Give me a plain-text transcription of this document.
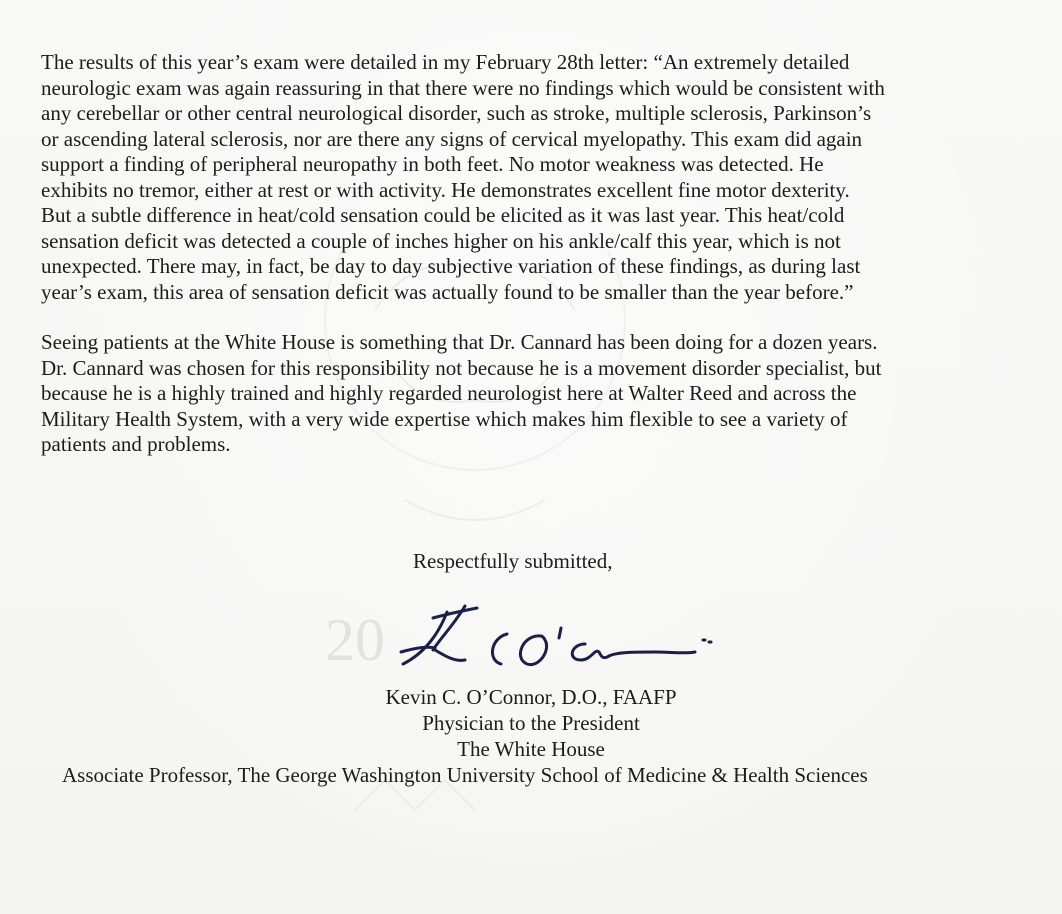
20

The results of this year’s exam were detailed in my February 28th letter: “An extremely detailed
neurologic exam was again reassuring in that there were no findings which would be consistent with
any cerebellar or other central neurological disorder, such as stroke, multiple sclerosis, Parkinson’s
or ascending lateral sclerosis, nor are there any signs of cervical myelopathy. This exam did again
support a finding of peripheral neuropathy in both feet. No motor weakness was detected. He
exhibits no tremor, either at rest or with activity. He demonstrates excellent fine motor dexterity.
But a subtle difference in heat/cold sensation could be elicited as it was last year. This heat/cold
sensation deficit was detected a couple of inches higher on his ankle/calf this year, which is not
unexpected. There may, in fact, be day to day subjective variation of these findings, as during last
year’s exam, this area of sensation deficit was actually found to be smaller than the year before.”

Seeing patients at the White House is something that Dr. Cannard has been doing for a dozen years.
Dr. Cannard was chosen for this responsibility not because he is a movement disorder specialist, but
because he is a highly trained and highly regarded neurologist here at Walter Reed and across the
Military Health System, with a very wide expertise which makes him flexible to see a variety of
patients and problems.

Respectfully submitted,
Kevin C. O’Connor, D.O., FAAFP
Physician to the President
The White House
Associate Professor, The George Washington University School of Medicine & Health Sciences
